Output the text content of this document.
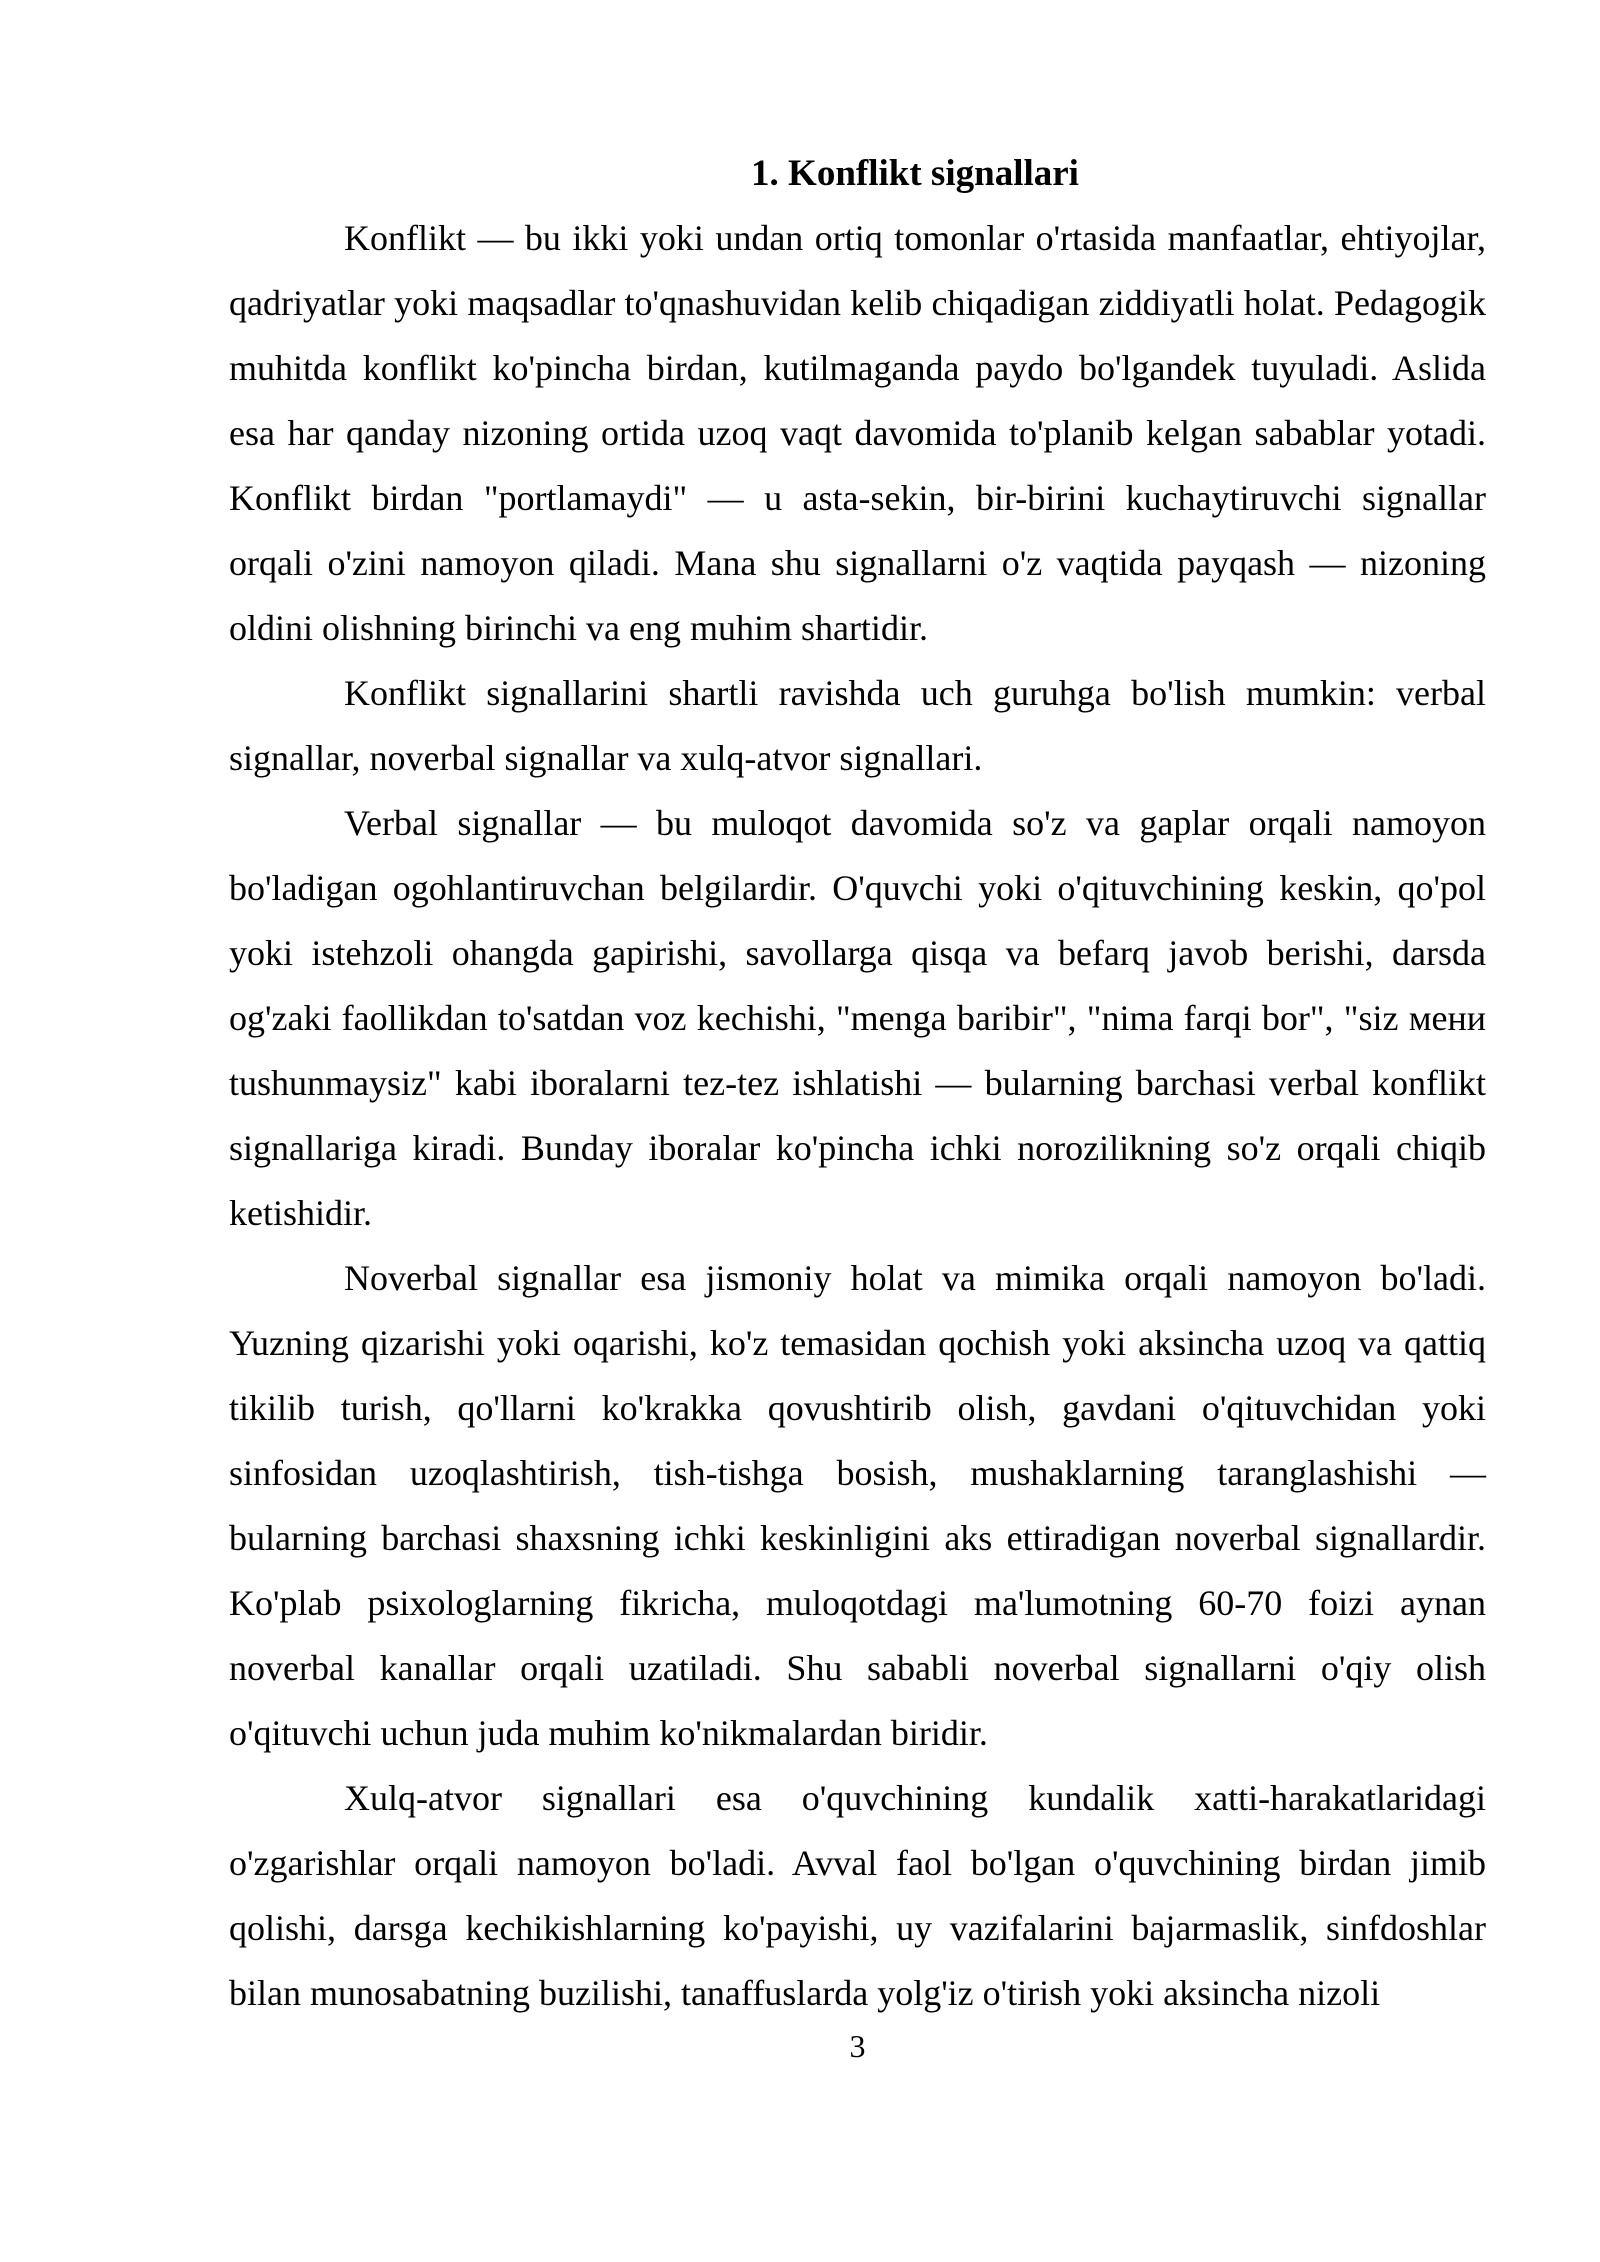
1. Konflikt signallari

Konflikt — bu ikki yoki undan ortiq tomonlar o'rtasida manfaatlar, ehtiyojlar, qadriyatlar yoki maqsadlar to'qnashuvidan kelib chiqadigan ziddiyatli holat. Pedagogik muhitda konflikt ko'pincha birdan, kutilmaganda paydo bo'lgandek tuyuladi. Aslida esa har qanday nizoning ortida uzoq vaqt davomida to'planib kelgan sabablar yotadi. Konflikt birdan "portlamaydi" — u asta-sekin, bir-birini kuchaytiruvchi signallar orqali o'zini namoyon qiladi. Mana shu signallarni o'z vaqtida payqash — nizoning oldini olishning birinchi va eng muhim shartidir.

Konflikt signallarini shartli ravishda uch guruhga bo'lish mumkin: verbal signallar, noverbal signallar va xulq-atvor signallari.

Verbal signallar — bu muloqot davomida so'z va gaplar orqali namoyon bo'ladigan ogohlantiruvchan belgilardir. O'quvchi yoki o'qituvchining keskin, qo'pol yoki istehzoli ohangda gapirishi, savollarga qisqa va befarq javob berishi, darsda og'zaki faollikdan to'satdan voz kechishi, "menga baribir", "nima farqi bor", "siz мени tushunmaysiz" kabi iboralarni tez-tez ishlatishi — bularning barchasi verbal konflikt signallariga kiradi. Bunday iboralar ko'pincha ichki norozilikning so'z orqali chiqib ketishidir.

Noverbal signallar esa jismoniy holat va mimika orqali namoyon bo'ladi. Yuzning qizarishi yoki oqarishi, ko'z temasidan qochish yoki aksincha uzoq va qattiq tikilib turish, qo'llarni ko'krakka qovushtirib olish, gavdani o'qituvchidan yoki sinfosidan uzoqlashtirish, tish-tishga bosish, mushaklarning taranglashishi — bularning barchasi shaxsning ichki keskinligini aks ettiradigan noverbal signallardir. Ko'plab psixologlarning fikricha, muloqotdagi ma'lumotning 60-70 foizi aynan noverbal kanallar orqali uzatiladi. Shu sababli noverbal signallarni o'qiy olish o'qituvchi uchun juda muhim ko'nikmalardan biridir.

Xulq-atvor signallari esa o'quvchining kundalik xatti-harakatlaridagi o'zgarishlar orqali namoyon bo'ladi. Avval faol bo'lgan o'quvchining birdan jimib qolishi, darsga kechikishlarning ko'payishi, uy vazifalarini bajarmaslik, sinfdoshlar bilan munosabatning buzilishi, tanaffuslarda yolg'iz o'tirish yoki aksincha nizoli

3
